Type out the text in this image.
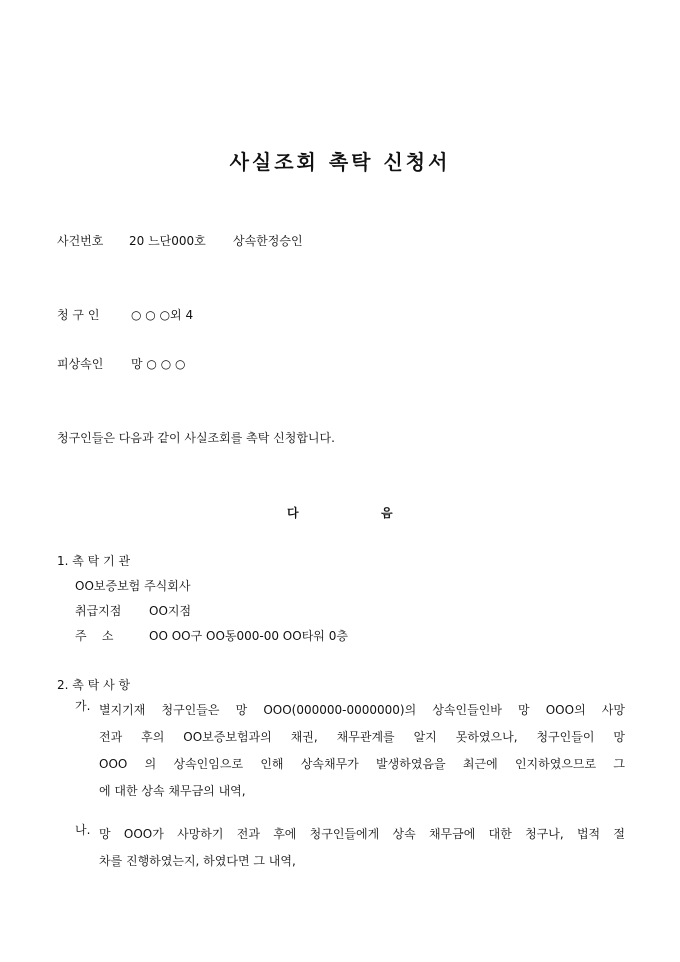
사실조회 촉탁 신청서
사건번호 20 느단000호 상속한정승인
청 구 인	○ ○ ○외 4
피상속인 망 ○ ○ ○
청구인들은 다음과 같이 사실조회를 촉탁 신청합니다.
다	음
1. 촉 탁 기 관
OO보증보험 주식회사
취급지점 OO지점
주    소	OO OO구 OO동000-00 OO타워 0층
2. 촉 탁 사 항
가. 별지기재 청구인들은 망 OOO(000000-0000000)의 상속인들인바 망 OOO의 사망
전과 후의 OO보증보험과의 채권, 채무관계를 알지 못하였으나, 청구인들이 망
OOO 의 상속인임으로 인해 상속채무가 발생하였음을 최근에 인지하였으므로 그
에 대한 상속 채무금의 내역,
나. 망 OOO가 사망하기 전과 후에 청구인들에게 상속 채무금에 대한 청구나, 법적 절
차를 진행하였는지, 하였다면 그 내역,
